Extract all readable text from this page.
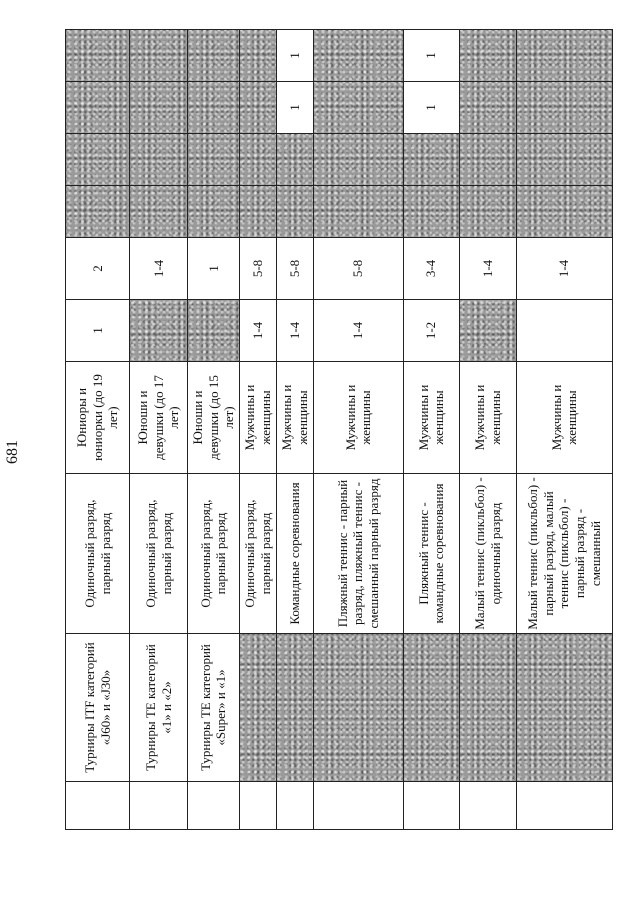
681
	Турниры ITF категорий «J60» и «J30»	Одиночный разряд, парный разряд	Юниоры и юниорки (до 19 лет)	1	2				
	Турниры ТЕ категорий «1» и «2»	Одиночный разряд, парный разряд	Юноши и девушки (до 17 лет)		1-4				
	Турниры ТЕ категорий «Super» и «1»	Одиночный разряд, парный разряд	Юноши и девушки (до 15 лет)		1				
		Одиночный разряд, парный разряд	Мужчины и женщины	1-4	5-8				
		Командные соревнования	Мужчины и женщины	1-4	5-8			1	1
		Пляжный теннис - парный разряд, пляжный теннис - смешанный парный разряд	Мужчины и женщины	1-4	5-8				
		Пляжный теннис - командные соревнования	Мужчины и женщины	1-2	3-4			1	1
		Малый теннис (пикльбол) - одиночный разряд	Мужчины и женщины		1-4				
		Малый теннис (пикльбол) - парный разряд, малый теннис (пикльбол) - парный разряд - смешанный	Мужчины и женщины		1-4				
